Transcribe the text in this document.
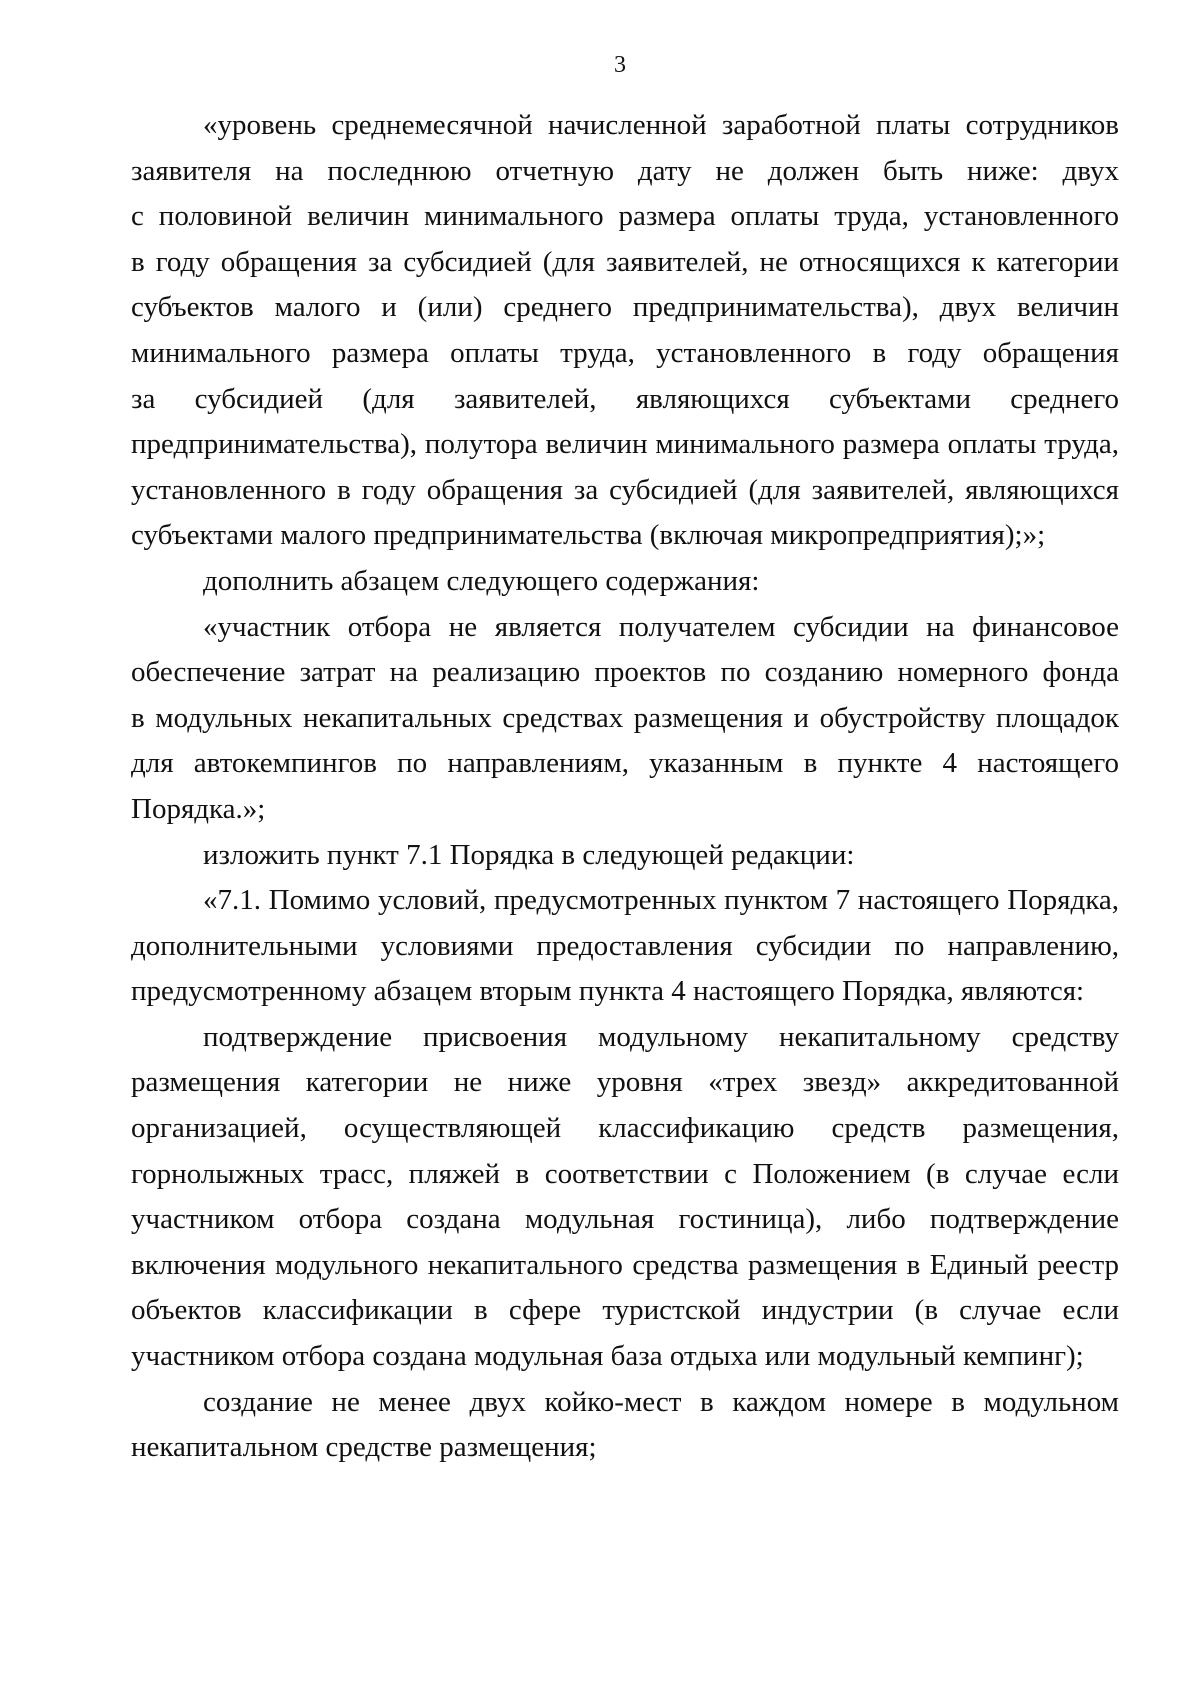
3
«уровень среднемесячной начисленной заработной платы сотрудников
заявителя на последнюю отчетную дату не должен быть ниже: двух
с половиной величин минимального размера оплаты труда, установленного
в году обращения за субсидией (для заявителей, не относящихся к категории
субъектов малого и (или) среднего предпринимательства), двух величин
минимального размера оплаты труда, установленного в году обращения
за субсидией (для заявителей, являющихся субъектами среднего
предпринимательства), полутора величин минимального размера оплаты труда,
установленного в году обращения за субсидией (для заявителей, являющихся
субъектами малого предпринимательства (включая микропредприятия);»;
дополнить абзацем следующего содержания:
«участник отбора не является получателем субсидии на финансовое
обеспечение затрат на реализацию проектов по созданию номерного фонда
в модульных некапитальных средствах размещения и обустройству площадок
для автокемпингов по направлениям, указанным в пункте 4 настоящего
Порядка.»;
изложить пункт 7.1 Порядка в следующей редакции:
«7.1. Помимо условий, предусмотренных пунктом 7 настоящего Порядка,
дополнительными условиями предоставления субсидии по направлению,
предусмотренному абзацем вторым пункта 4 настоящего Порядка, являются:
подтверждение присвоения модульному некапитальному средству
размещения категории не ниже уровня «трех звезд» аккредитованной
организацией, осуществляющей классификацию средств размещения,
горнолыжных трасс, пляжей в соответствии с Положением (в случае если
участником отбора создана модульная гостиница), либо подтверждение
включения модульного некапитального средства размещения в Единый реестр
объектов классификации в сфере туристской индустрии (в случае если
участником отбора создана модульная база отдыха или модульный кемпинг);
создание не менее двух койко-мест в каждом номере в модульном
некапитальном средстве размещения;
